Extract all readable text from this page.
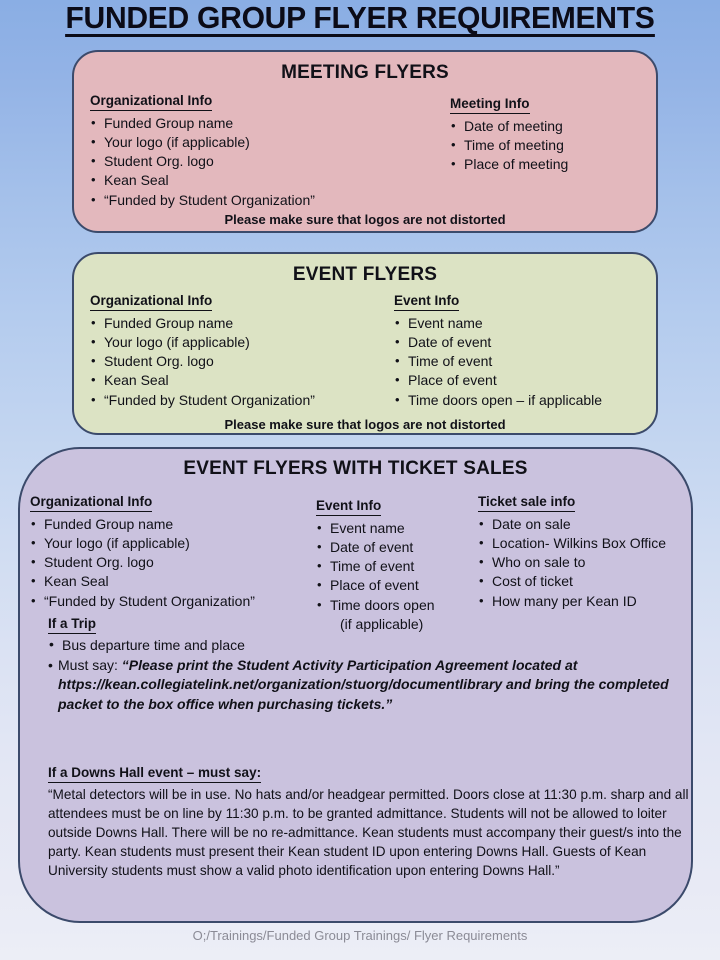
FUNDED GROUP FLYER REQUIREMENTS
MEETING FLYERS
Organizational Info
• Funded Group name
• Your logo (if applicable)
• Student Org. logo
• Kean Seal
• “Funded by Student Organization”
Meeting Info
• Date of meeting
• Time of meeting
• Place of meeting
Please make sure that logos are not distorted
EVENT FLYERS
Organizational Info
• Funded Group name
• Your logo (if applicable)
• Student Org. logo
• Kean Seal
• “Funded by Student Organization”
Event Info
• Event name
• Date of event
• Time of event
• Place of event
• Time doors open – if applicable
Please make sure that logos are not distorted
EVENT FLYERS WITH TICKET SALES
Organizational Info
• Funded Group name
• Your logo (if applicable)
• Student Org. logo
• Kean Seal
• “Funded by Student Organization”
Event Info
• Event name
• Date of event
• Time of event
• Place of event
• Time doors open
(if applicable)
Ticket sale info
• Date on sale
• Location- Wilkins Box Office
• Who on sale to
• Cost of ticket
• How many per Kean ID
If a Trip
• Bus departure time and place
• Must say: “Please print the Student Activity Participation Agreement located at https://kean.collegiatelink.net/organization/stuorg/documentlibrary and bring the completed packet to the box office when purchasing tickets.”
If a Downs Hall event – must say:
“Metal detectors will be in use. No hats and/or headgear permitted. Doors close at 11:30 p.m. sharp and all attendees must be on line by 11:30 p.m. to be granted admittance. Students will not be allowed to loiter outside Downs Hall. There will be no re-admittance. Kean students must accompany their guest/s into the party. Kean students must present their Kean student ID upon entering Downs Hall. Guests of Kean University students must show a valid photo identification upon entering Downs Hall.”
O;/Trainings/Funded Group Trainings/ Flyer Requirements
